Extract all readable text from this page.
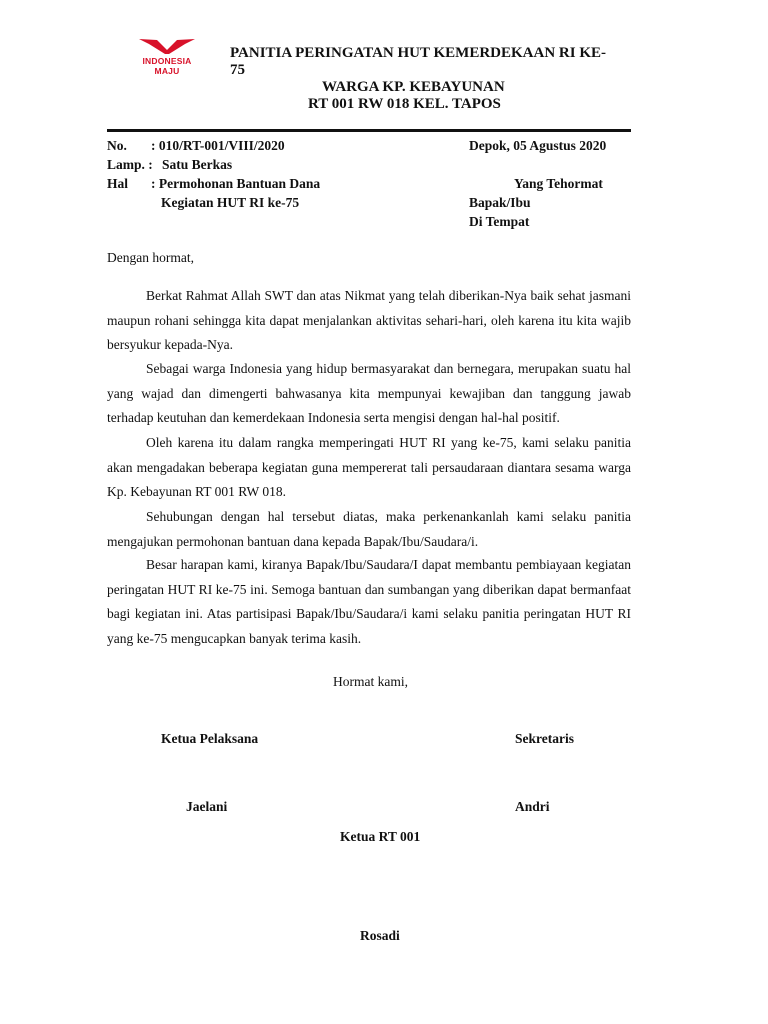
INDONESIA
MAJU
PANITIA PERINGATAN HUT KEMERDEKAAN RI KE-
75
WARGA KP. KEBAYUNAN
RT 001 RW 018 KEL. TAPOS
No. : 010/RT-001/VIII/2020	Depok, 05 Agustus 2020
Lamp. : Satu Berkas
Hal : Permohonan Bantuan Dana	Yang Tehormat
Kegiatan HUT RI ke-75	Bapak/Ibu
Di Tempat
Dengan hormat,

Berkat Rahmat Allah SWT dan atas Nikmat yang telah diberikan-Nya baik sehat jasmani maupun rohani sehingga kita dapat menjalankan aktivitas sehari-hari, oleh karena itu kita wajib bersyukur kepada-Nya.

Sebagai warga Indonesia yang hidup bermasyarakat dan bernegara, merupakan suatu hal yang wajad dan dimengerti bahwasanya kita mempunyai kewajiban dan tanggung jawab terhadap keutuhan dan kemerdekaan Indonesia serta mengisi dengan hal-hal positif.

Oleh karena itu dalam rangka memperingati HUT RI yang ke-75, kami selaku panitia akan mengadakan beberapa kegiatan guna mempererat tali persaudaraan diantara sesama warga Kp. Kebayunan RT 001 RW 018.

Sehubungan dengan hal tersebut diatas, maka perkenankanlah kami selaku panitia mengajukan permohonan bantuan dana kepada Bapak/Ibu/Saudara/i.

Besar harapan kami, kiranya Bapak/Ibu/Saudara/I dapat membantu pembiayaan kegiatan peringatan HUT RI ke-75 ini. Semoga bantuan dan sumbangan yang diberikan dapat bermanfaat bagi kegiatan ini. Atas partisipasi Bapak/Ibu/Saudara/i kami selaku panitia peringatan HUT RI yang ke-75 mengucapkan banyak terima kasih.

Hormat kami,
Ketua Pelaksana	Sekretaris
Jaelani	Andri
Ketua RT 001
Rosadi
